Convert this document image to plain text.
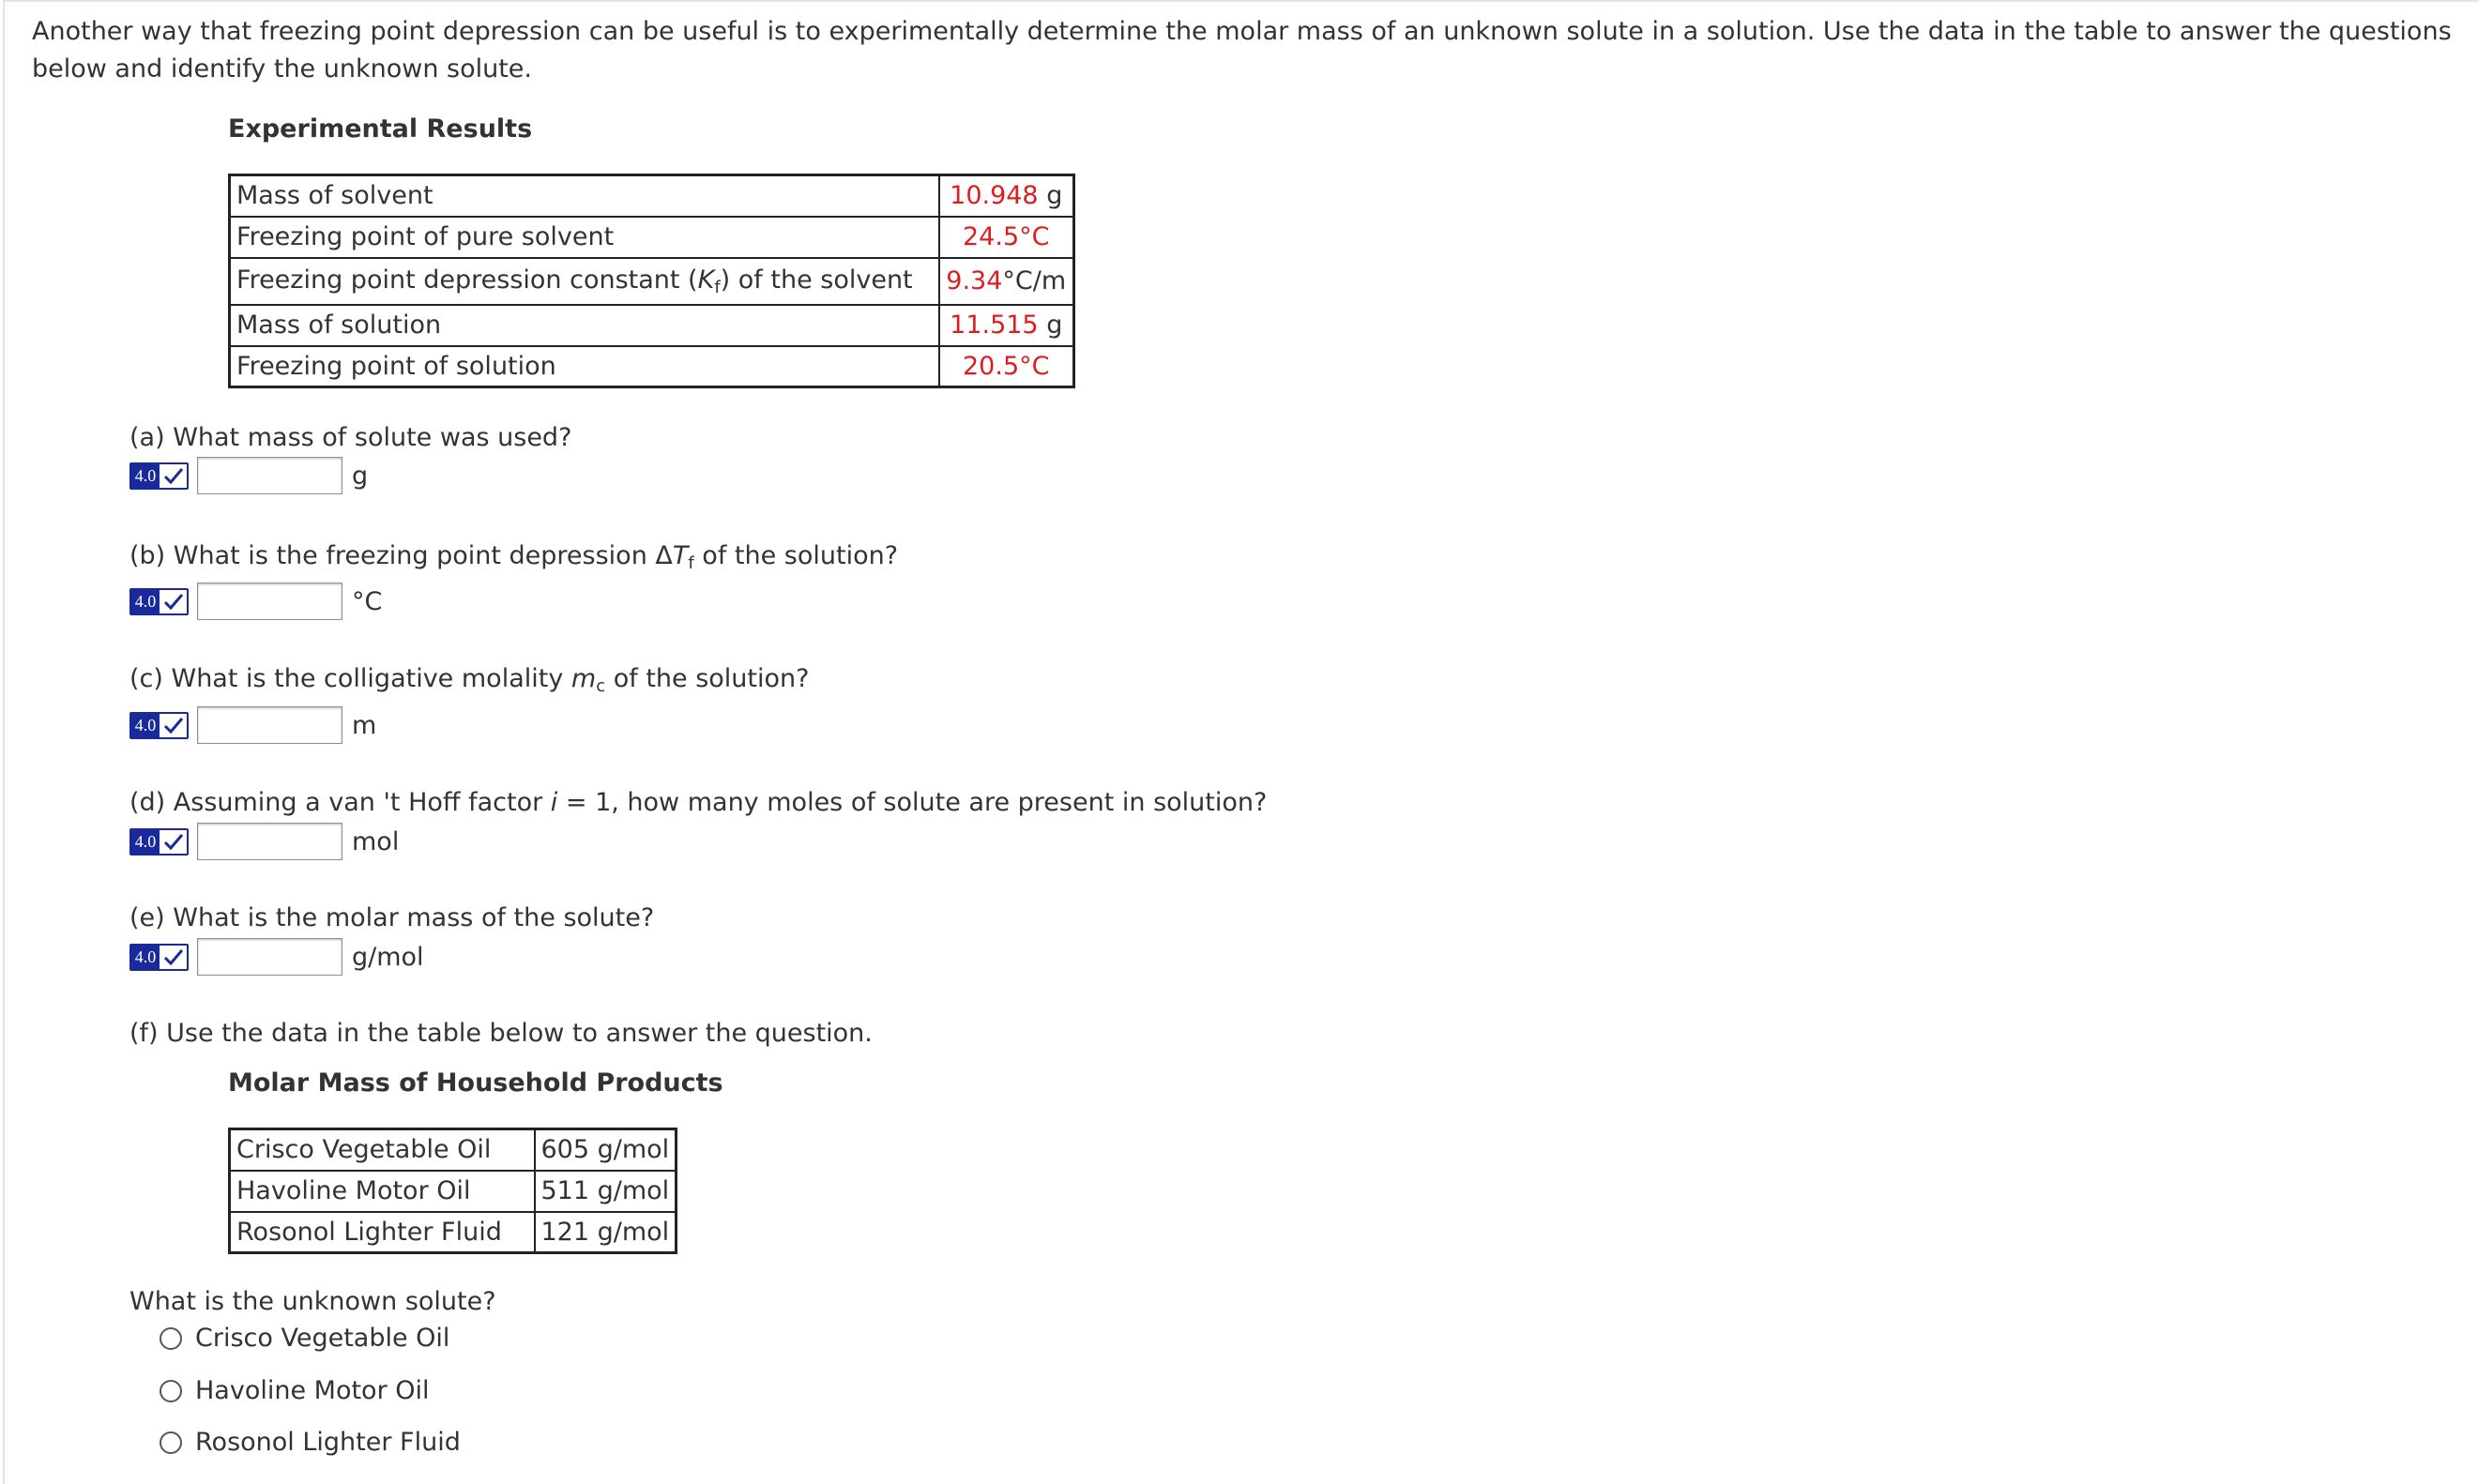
Another way that freezing point depression can be useful is to experimentally determine the molar mass of an unknown solute in a solution. Use the data in the table to answer the questions below and identify the unknown solute.
Experimental Results
Mass of solvent	10.948 g
Freezing point of pure solvent	24.5°C
Freezing point depression constant $(K_f)$ of the solvent	9.34°C/m
Mass of solution	11.515 g
Freezing point of solution	20.5°C
(a) What mass of solute was used?
4.0	g
(b) What is the freezing point depression $\Delta T_f$ of the solution?
4.0	°C
(c) What is the colligative molality $m_c$ of the solution?
4.0	m
(d) Assuming a van 't Hoff factor i = 1, how many moles of solute are present in solution?
4.0	mol
(e) What is the molar mass of the solute?
4.0	g/mol
(f) Use the data in the table below to answer the question.
Molar Mass of Household Products
Crisco Vegetable Oil	605 g/mol
Havoline Motor Oil	511 g/mol
Rosonol Lighter Fluid	121 g/mol
What is the unknown solute?
Crisco Vegetable Oil
Havoline Motor Oil
Rosonol Lighter Fluid
